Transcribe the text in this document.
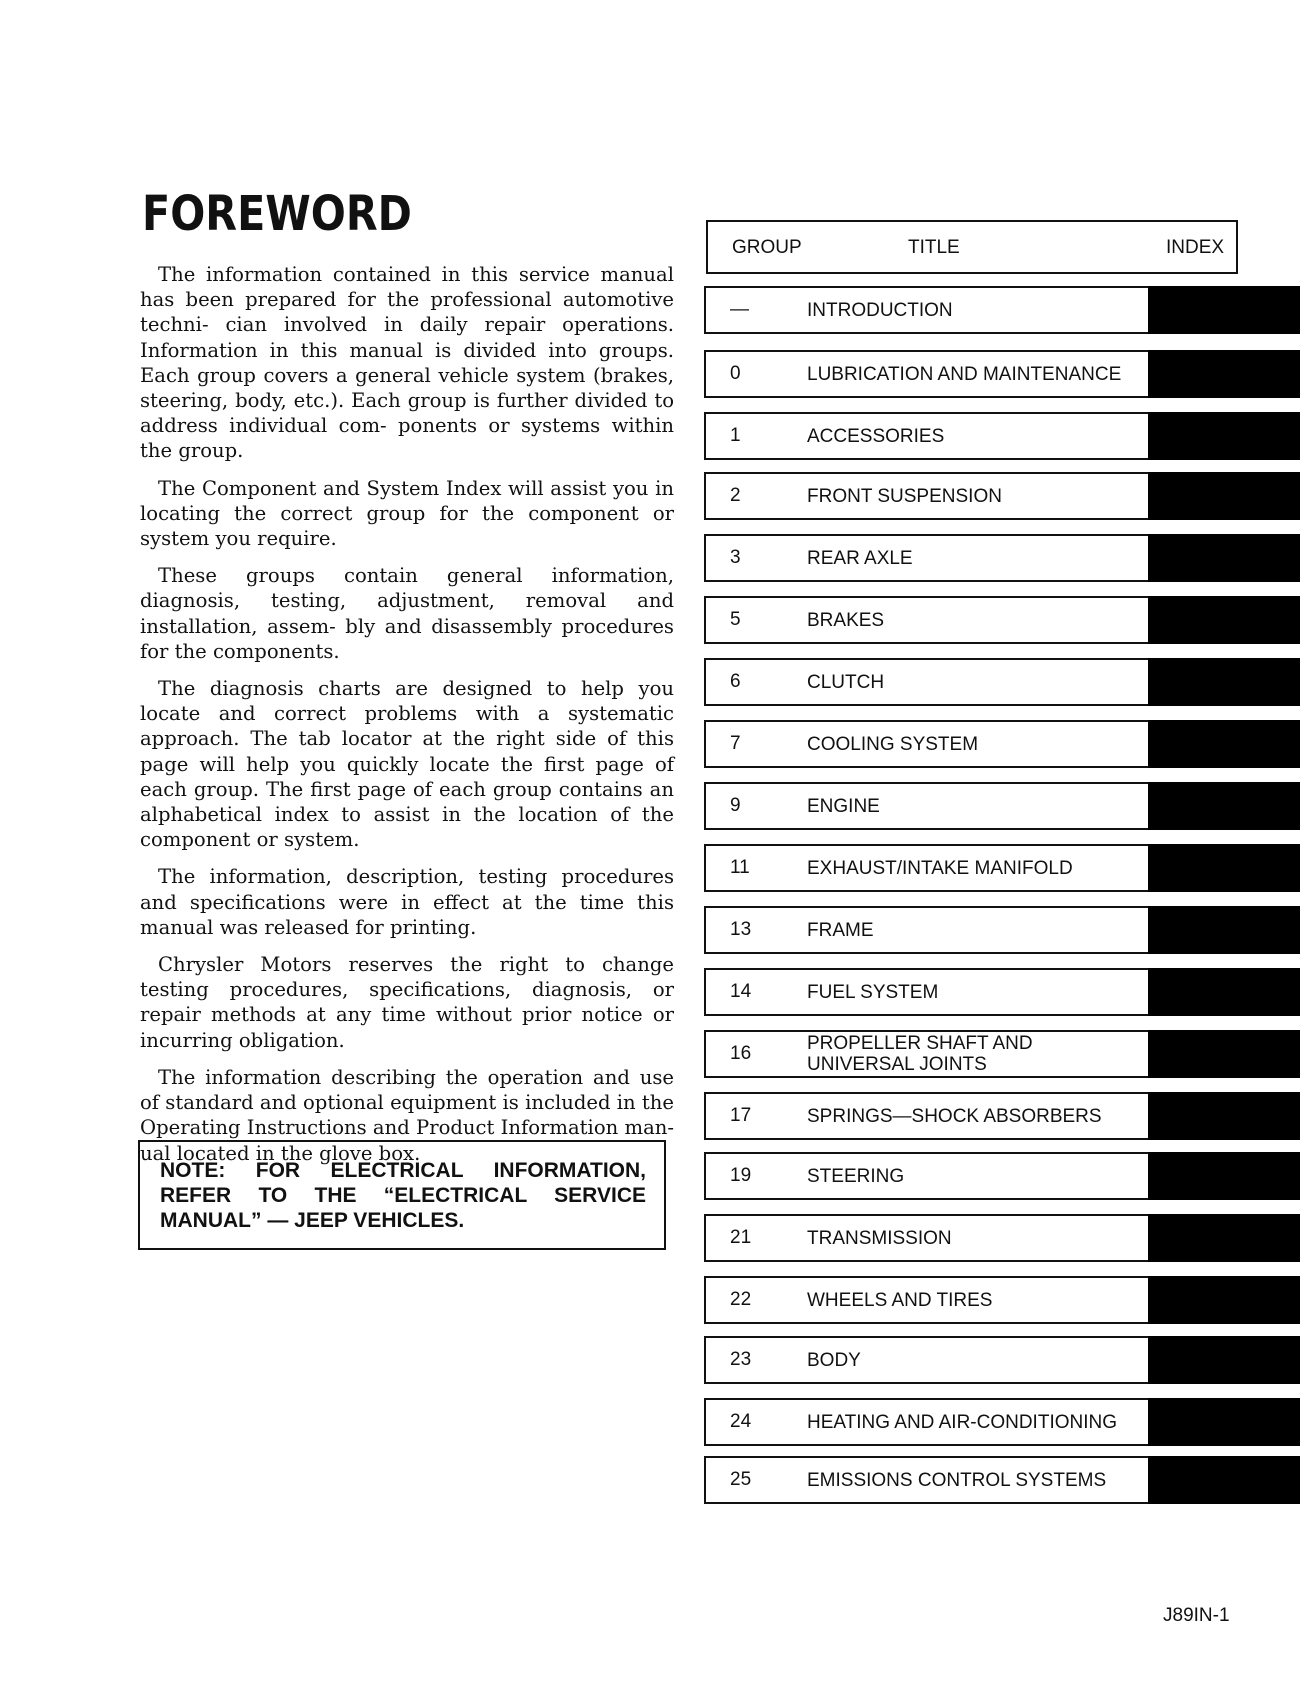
FOREWORD

The information contained in this service manual has been prepared for the professional automotive techni- cian involved in daily repair operations. Information in this manual is divided into groups. Each group covers a general vehicle system (brakes, steering, body, etc.). Each group is further divided to address individual com- ponents or systems within the group.

The Component and System Index will assist you in locating the correct group for the component or system you require.

These groups contain general information, diagnosis, testing, adjustment, removal and installation, assem- bly and disassembly procedures for the components.

The diagnosis charts are designed to help you locate and correct problems with a systematic approach. The tab locator at the right side of this page will help you quickly locate the first page of each group. The first page of each group contains an alphabetical index to assist in the location of the component or system.

The information, description, testing procedures and specifications were in effect at the time this manual was released for printing.

Chrysler Motors reserves the right to change testing procedures, specifications, diagnosis, or repair methods at any time without prior notice or incurring obligation.

The information describing the operation and use of standard and optional equipment is included in the Operating Instructions and Product Information man- ual located in the glove box.

NOTE: FOR ELECTRICAL INFORMATION, REFER TO THE “ELECTRICAL SERVICE MANUAL” — JEEP VEHICLES.
GROUP	TITLE	INDEX
—	INTRODUCTION
0	LUBRICATION AND MAINTENANCE
1	ACCESSORIES
2	FRONT SUSPENSION
3	REAR AXLE
5	BRAKES
6	CLUTCH
7	COOLING SYSTEM
9	ENGINE
11	EXHAUST/INTAKE MANIFOLD
13	FRAME
14	FUEL SYSTEM
16	PROPELLER SHAFT AND
UNIVERSAL JOINTS
17	SPRINGS—SHOCK ABSORBERS
19	STEERING
21	TRANSMISSION
22	WHEELS AND TIRES
23	BODY
24	HEATING AND AIR-CONDITIONING
25	EMISSIONS CONTROL SYSTEMS
J89IN-1
